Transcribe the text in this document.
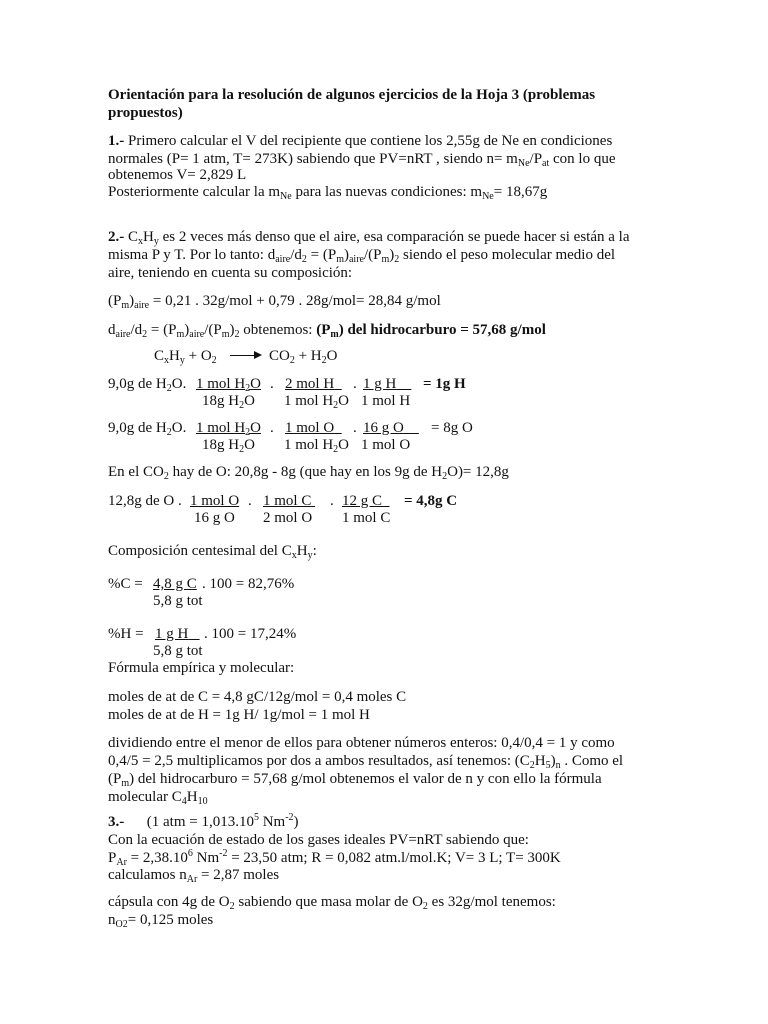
Orientación para la resolución de algunos ejercicios de la Hoja 3 (problemas
propuestos)
1.- Primero calcular el V del recipiente que contiene los 2,55g de Ne en condiciones
normales (P= 1 atm, T= 273K) sabiendo que PV=nRT , siendo $n= m_{Ne}/P_{at}$ con lo que
obtenemos V= 2,829 L
Posteriormente calcular la $m_{Ne}$ para las nuevas condiciones: $m_{Ne}= 18,67g$
2.- $C_xH_y$ es 2 veces más denso que el aire, esa comparación se puede hacer si están a la
misma P y T. Por lo tanto: $d_{aire}/d_2 = (P_m)_{aire}/(P_m)_2$ siendo el peso molecular medio del
aire, teniendo en cuenta su composición:
$(P_m)_{aire} = 0,21$ . 32g/mol + 0,79 . 28g/mol= 28,84 g/mol
$d_{aire}/d_2 = (P_m)_{aire}/(P_m)_2$ obtenemos: $(P_m)$ del hidrocarburo = 57,68 g/mol
$C_xH_y + O_2 \to CO_2 + H_2O$
9,0g de $H_2O$. 1 mol $H_2O$ . 2 mol H	. 1 g H	= 1g H
18g $H_2O$ 1 mol $H_2O$ 1 mol H
9,0g de $H_2O$. 1 mol $H_2O$ . 1 mol O	. 16 g O	= 8g O
18g $H_2O$ 1 mol $H_2O$ 1 mol O
En el $CO_2$ hay de O: 20,8g - 8g (que hay en los 9g de $H_2O)= 12,8g$
12,8g de O . 1 mol O . 1 mol C . 12 g C	= 4,8g C
16 g O 2 mol O 1 mol C
Composición centesimal del $C_xH_y$:
%C = 4,8 g C . 100 = 82,76%
5,8 g tot
%H = 1 g H	. 100 = 17,24%
5,8 g tot
Fórmula empírica y molecular:
moles de at de C = 4,8 gC/12g/mol = 0,4 moles C
moles de at de H = 1g H/ 1g/mol = 1 mol H
dividiendo entre el menor de ellos para obtener números enteros: 0,4/0,4 = 1 y como
0,4/5 = 2,5 multiplicamos por dos a ambos resultados, así tenemos: $(C_2H_5)_n$ . Como el
$(P_m)$ del hidrocarburo = 57,68 g/mol obtenemos el valor de n y con ello la fórmula
molecular $C_4H_{10}$
3.- (1 atm = $1,013.10^5$ $Nm^{-2}$)
Con la ecuación de estado de los gases ideales PV=nRT sabiendo que:
$P_{Ar} = 2,38.10^6$ $Nm^{-2} = 23,50$ atm; R = 0,082 atm.l/mol.K; V= 3 L; T= 300K
calculamos $n_{Ar} = 2,87$ moles
cápsula con 4g de $O_2$ sabiendo que masa molar de $O_2$ es 32g/mol tenemos:
$n_{O2}= 0,125$ moles
